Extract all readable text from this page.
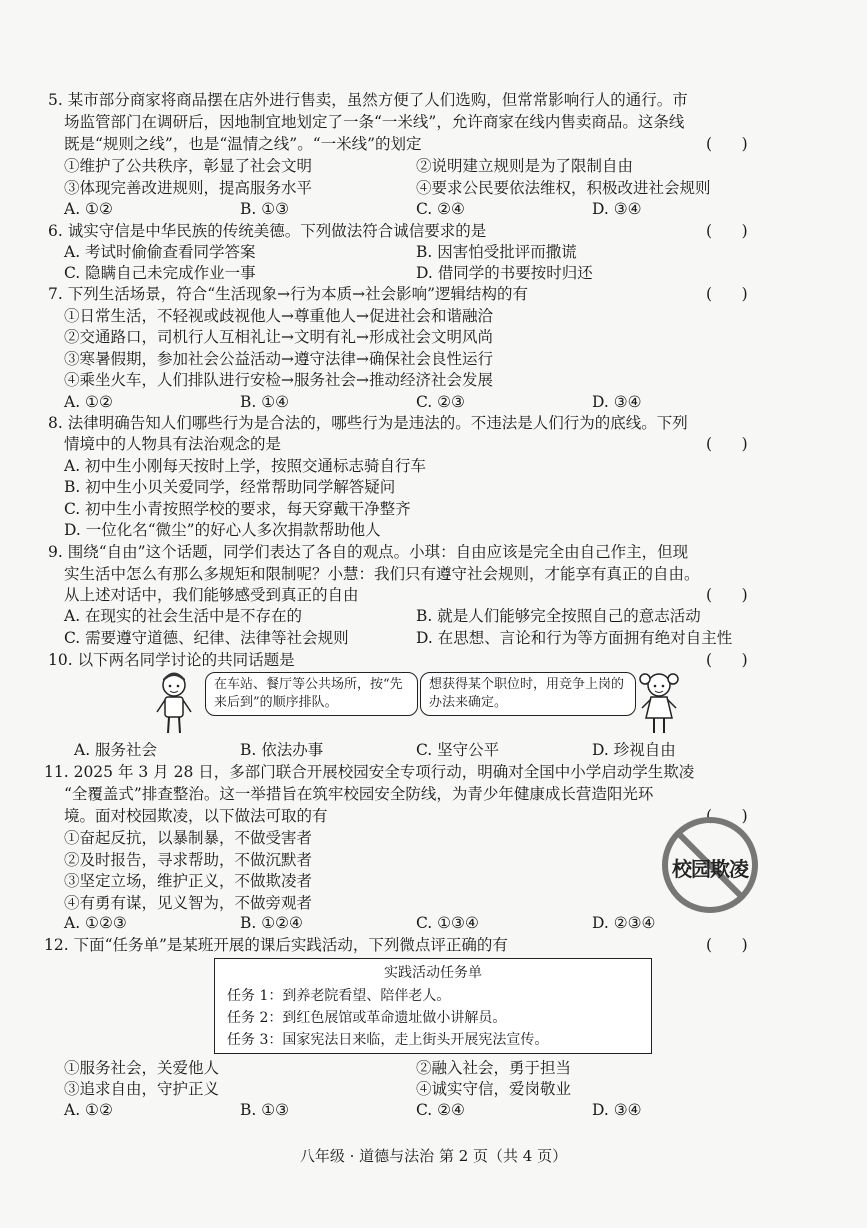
5. 某市部分商家将商品摆在店外进行售卖，虽然方便了人们选购，但常常影响行人的通行。市
场监管部门在调研后，因地制宜地划定了一条“一米线”，允许商家在线内售卖商品。这条线
既是“规则之线”，也是“温情之线”。“一米线”的划定	(      )
①维护了公共秩序，彰显了社会文明	②说明建立规则是为了限制自由
③体现完善改进规则，提高服务水平	④要求公民要依法维权，积极改进社会规则
A. ①②	B. ①③	C. ②④	D. ③④
6. 诚实守信是中华民族的传统美德。下列做法符合诚信要求的是	(      )
A. 考试时偷偷查看同学答案	B. 因害怕受批评而撒谎
C. 隐瞒自己未完成作业一事	D. 借同学的书要按时归还
7. 下列生活场景，符合“生活现象→行为本质→社会影响”逻辑结构的有	(      )
①日常生活，不轻视或歧视他人→尊重他人→促进社会和谐融洽
②交通路口，司机行人互相礼让→文明有礼→形成社会文明风尚
③寒暑假期，参加社会公益活动→遵守法律→确保社会良性运行
④乘坐火车，人们排队进行安检→服务社会→推动经济社会发展
A. ①②	B. ①④	C. ②③	D. ③④
8. 法律明确告知人们哪些行为是合法的，哪些行为是违法的。不违法是人们行为的底线。下列
情境中的人物具有法治观念的是	(      )
A. 初中生小刚每天按时上学，按照交通标志骑自行车
B. 初中生小贝关爱同学，经常帮助同学解答疑问
C. 初中生小青按照学校的要求，每天穿戴干净整齐
D. 一位化名“微尘”的好心人多次捐款帮助他人
9. 围绕“自由”这个话题，同学们表达了各自的观点。小琪：自由应该是完全由自己作主，但现
实生活中怎么有那么多规矩和限制呢？小慧：我们只有遵守社会规则，才能享有真正的自由。
从上述对话中，我们能够感受到真正的自由	(      )
A. 在现实的社会生活中是不存在的	B. 就是人们能够完全按照自己的意志活动
C. 需要遵守道德、纪律、法律等社会规则	D. 在思想、言论和行为等方面拥有绝对自主性
10. 以下两名同学讨论的共同话题是	(      )
在车站、餐厅等公共场所，按“先来后到”的顺序排队。
想获得某个职位时，用竞争上岗的办法来确定。
A. 服务社会	B. 依法办事	C. 坚守公平	D. 珍视自由
11. 2025 年 3 月 28 日，多部门联合开展校园安全专项行动，明确对全国中小学启动学生欺凌
“全覆盖式”排查整治。这一举措旨在筑牢校园安全防线，为青少年健康成长营造阳光环
境。面对校园欺凌，以下做法可取的有	(      )
①奋起反抗，以暴制暴，不做受害者
②及时报告，寻求帮助，不做沉默者
③坚定立场，维护正义，不做欺凌者
④有勇有谋，见义智为，不做旁观者
校园欺凌
A. ①②③	B. ①②④	C. ①③④	D. ②③④
12. 下面“任务单”是某班开展的课后实践活动，下列微点评正确的有	(      )
实践活动任务单
任务 1：到养老院看望、陪伴老人。
任务 2：到红色展馆或革命遗址做小讲解员。
任务 3：国家宪法日来临，走上街头开展宪法宣传。
①服务社会，关爱他人	②融入社会，勇于担当
③追求自由，守护正义	④诚实守信，爱岗敬业
A. ①②	B. ①③	C. ②④	D. ③④
八年级 · 道德与法治 第 2 页（共 4 页）
